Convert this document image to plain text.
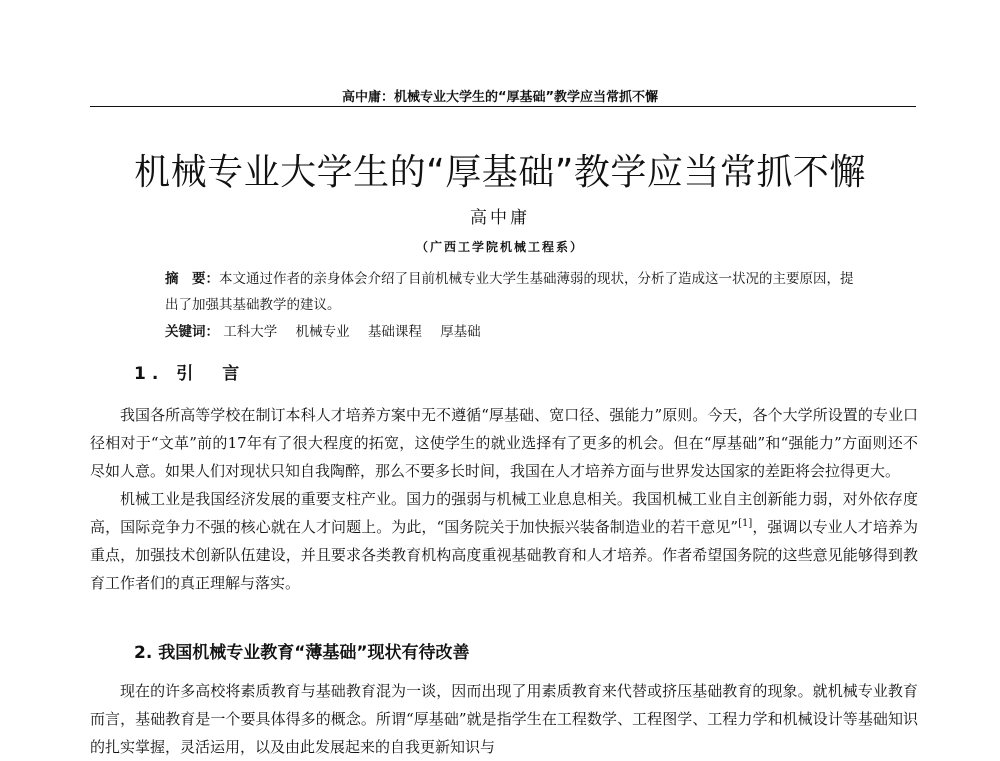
高中庸：机械专业大学生的“厚基础”教学应当常抓不懈
机械专业大学生的“厚基础”教学应当常抓不懈
高中庸
（广西工学院机械工程系）
摘　要：本文通过作者的亲身体会介绍了目前机械专业大学生基础薄弱的现状，分析了造成这一状况的主要原因，提出了加强其基础教学的建议。
关键词： 工科大学 机械专业 基础课程 厚基础
1. 引　言

我国各所高等学校在制订本科人才培养方案中无不遵循“厚基础、宽口径、强能力”原则。今天，各个大学所设置的专业口径相对于“文革”前的17年有了很大程度的拓宽，这使学生的就业选择有了更多的机会。但在“厚基础”和“强能力”方面则还不尽如人意。如果人们对现状只知自我陶醉，那么不要多长时间，我国在人才培养方面与世界发达国家的差距将会拉得更大。

机械工业是我国经济发展的重要支柱产业。国力的强弱与机械工业息息相关。我国机械工业自主创新能力弱，对外依存度高，国际竞争力不强的核心就在人才问题上。为此，“国务院关于加快振兴装备制造业的若干意见”[1]，强调以专业人才培养为重点，加强技术创新队伍建设，并且要求各类教育机构高度重视基础教育和人才培养。作者希望国务院的这些意见能够得到教育工作者们的真正理解与落实。

2. 我国机械专业教育“薄基础”现状有待改善

现在的许多高校将素质教育与基础教育混为一谈，因而出现了用素质教育来代替或挤压基础教育的现象。就机械专业教育而言，基础教育是一个要具体得多的概念。所谓“厚基础”就是指学生在工程数学、工程图学、工程力学和机械设计等基础知识的扎实掌握，灵活运用，以及由此发展起来的自我更新知识与
